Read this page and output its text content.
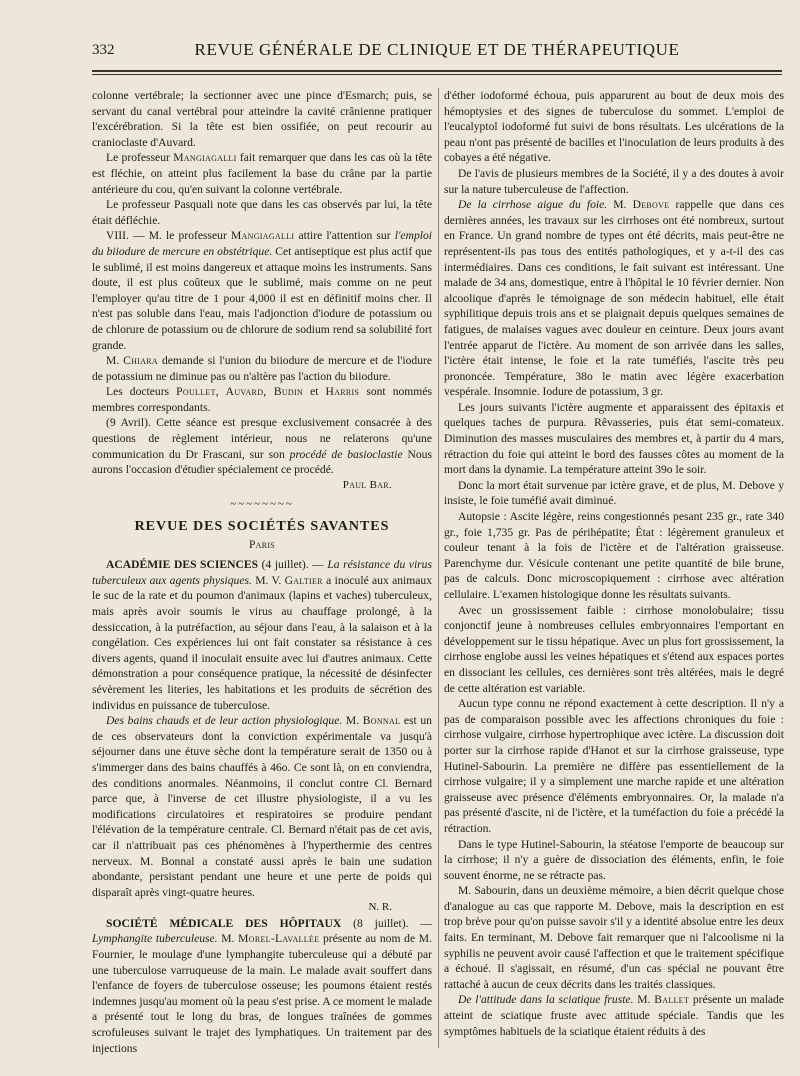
332	REVUE GÉNÉRALE DE CLINIQUE ET DE THÉRAPEUTIQUE

colonne vertébrale; la sectionner avec une pince d'Esmarch; puis, se servant du canal vertébral pour atteindre la cavité crânienne pratiquer l'excérébration. Si la tête est bien ossifiée, on peut recourir au cranioclaste d'Auvard.

Le professeur Mangiagalli fait remarquer que dans les cas où la tête est fléchie, on atteint plus facilement la base du crâne par la partie antérieure du cou, qu'en suivant la colonne vertébrale.

Le professeur Pasquali note que dans les cas observés par lui, la tête était défléchie.

VIII. — M. le professeur Mangiagalli attire l'attention sur l'emploi du biiodure de mercure en obstétrique. Cet antiseptique est plus actif que le sublimé, il est moins dangereux et attaque moins les instruments. Sans doute, il est plus coûteux que le sublimé, mais comme on ne peut l'employer qu'au titre de 1 pour 4,000 il est en définitif moins cher. Il n'est pas soluble dans l'eau, mais l'adjonction d'iodure de potassium ou de chlorure de potassium ou de chlorure de sodium rend sa solubilité fort grande.

M. Chiara demande si l'union du biiodure de mercure et de l'iodure de potassium ne diminue pas ou n'altère pas l'action du biiodure.

Les docteurs Poullet, Auvard, Budin et Harris sont nommés membres correspondants.

(9 Avril). Cette séance est presque exclusivement consacrée à des questions de règlement intérieur, nous ne relaterons qu'une communication du Dr Frascani, sur son procédé de basioclastie Nous aurons l'occasion d'étudier spécialement ce procédé.

Paul Bar.
~~~~~~~~
REVUE DES SOCIÉTÉS SAVANTES
Paris

ACADÉMIE DES SCIENCES (4 juillet). — La résistance du virus tuberculeux aux agents physiques. M. V. Galtier a inoculé aux animaux le suc de la rate et du poumon d'animaux (lapins et vaches) tuberculeux, mais après avoir soumis le virus au chauffage prolongé, à la dessiccation, à la putréfaction, au séjour dans l'eau, à la salaison et à la congélation. Ces expériences lui ont fait constater sa résistance à ces divers agents, quand il inoculait ensuite avec lui d'autres animaux. Cette démonstration a pour conséquence pratique, la nécessité de désinfecter sévèrement les literies, les habitations et les produits de sécrétion des individus en puissance de tuberculose.

Des bains chauds et de leur action physiologique. M. Bonnal est un de ces observateurs dont la conviction expérimentale va jusqu'à séjourner dans une étuve sèche dont la température serait de 1350 ou à s'immerger dans des bains chauffés à 46o. Ce sont là, on en conviendra, des conditions anormales. Néanmoins, il conclut contre Cl. Bernard parce que, à l'inverse de cet illustre physiologiste, il a vu les modifications circulatoires et respiratoires se produire pendant l'élévation de la température centrale. Cl. Bernard n'était pas de cet avis, car il n'attribuait pas ces phénomènes à l'hyperthermie des centres nerveux. M. Bonnal a constaté aussi après le bain une sudation abondante, persistant pendant une heure et une perte de poids qui disparaît après vingt-quatre heures.

N. R.

SOCIÉTÉ MÉDICALE DES HÔPITAUX (8 juillet). — Lymphangite tuberculeuse. M. Morel-Lavallée présente au nom de M. Fournier, le moulage d'une lymphangite tuberculeuse qui a débuté par une tuberculose varruqueuse de la main. Le malade avait souffert dans l'enfance de foyers de tuberculose osseuse; les poumons étaient restés indemnes jusqu'au moment où la peau s'est prise. A ce moment le malade a présenté tout le long du bras, de longues traînées de gommes scrofuleuses suivant le trajet des lymphatiques. Un traitement par des injections

d'éther iodoformé échoua, puis apparurent au bout de deux mois des hémoptysies et des signes de tuberculose du sommet. L'emploi de l'eucalyptol iodoformé fut suivi de bons résultats. Les ulcérations de la peau n'ont pas présenté de bacilles et l'inoculation de leurs produits à des cobayes a été négative.

De l'avis de plusieurs membres de la Société, il y a des doutes à avoir sur la nature tuberculeuse de l'affection.

De la cirrhose aigue du foie. M. Debove rappelle que dans ces dernières années, les travaux sur les cirrhoses ont été nombreux, surtout en France. Un grand nombre de types ont été décrits, mais peut-être ne représentent-ils pas tous des entités pathologiques, et y a-t-il des cas intermédiaires. Dans ces conditions, le fait suivant est intéressant. Une malade de 34 ans, domestique, entre à l'hôpital le 10 février dernier. Non alcoolique d'après le témoignage de son médecin habituel, elle était syphilitique depuis trois ans et se plaignait depuis quelques semaines de fatigues, de malaises vagues avec douleur en ceinture. Deux jours avant l'entrée apparut de l'ictère. Au moment de son arrivée dans les salles, l'ictère était intense, le foie et la rate tuméfiés, l'ascite très peu prononcée. Température, 38o le matin avec légère exacerbation vespérale. Insomnie. Iodure de potassium, 3 gr.

Les jours suivants l'ictère augmente et apparaissent des épitaxis et quelques taches de purpura. Rêvasseries, puis état semi-comateux. Diminution des masses musculaires des membres et, à partir du 4 mars, rétraction du foie qui atteint le bord des fausses côtes au moment de la mort dans la dynamie. La température atteint 39o le soir.

Donc la mort était survenue par ictère grave, et de plus, M. Debove y insiste, le foie tuméfié avait diminué.

Autopsie : Ascite légère, reins congestionnés pesant 235 gr., rate 340 gr., foie 1,735 gr. Pas de périhépatite; État : légèrement granuleux et couleur tenant à la fois de l'ictère et de l'altération graisseuse. Parenchyme dur. Vésicule contenant une petite quantité de bile brune, pas de calculs. Donc microscopiquement : cirrhose avec altération cellulaire. L'examen histologique donne les résultats suivants.

Avec un grossissement faible : cirrhose monolobulaire; tissu conjonctif jeune à nombreuses cellules embryonnaires l'emportant en développement sur le tissu hépatique. Avec un plus fort grossissement, la cirrhose englobe aussi les veines hépatiques et s'étend aux espaces portes en dissociant les cellules, ces dernières sont très altérées, mais le degré de cette altération est variable.

Aucun type connu ne répond exactement à cette description. Il n'y a pas de comparaison possible avec les affections chroniques du foie : cirrhose vulgaire, cirrhose hypertrophique avec ictère. La discussion doit porter sur la cirrhose rapide d'Hanot et sur la cirrhose graisseuse, type Hutinel-Sabourin. La première ne diffère pas essentiellement de la cirrhose vulgaire; il y a simplement une marche rapide et une altération graisseuse avec présence d'éléments embryonnaires. Or, la malade n'a pas présenté d'ascite, ni de l'ictère, et la tuméfaction du foie a précédé la rétraction.

Dans le type Hutinel-Sabourin, la stéatose l'emporte de beaucoup sur la cirrhose; il n'y a guère de dissociation des éléments, enfin, le foie souvent énorme, ne se rétracte pas.

M. Sabourin, dans un deuxième mémoire, a bien décrit quelque chose d'analogue au cas que rapporte M. Debove, mais la description en est trop brève pour qu'on puisse savoir s'il y a identité absolue entre les deux faits. En terminant, M. Debove fait remarquer que ni l'alcoolisme ni la syphilis ne peuvent avoir causé l'affection et que le traitement spécifique a échoué. Il s'agissait, en résumé, d'un cas spécial ne pouvant être rattaché à aucun de ceux décrits dans les traités classiques.

De l'attitude dans la sciatique fruste. M. Ballet présente un malade atteint de sciatique fruste avec attitude spéciale. Tandis que les symptômes habituels de la sciatique étaient réduits à des
